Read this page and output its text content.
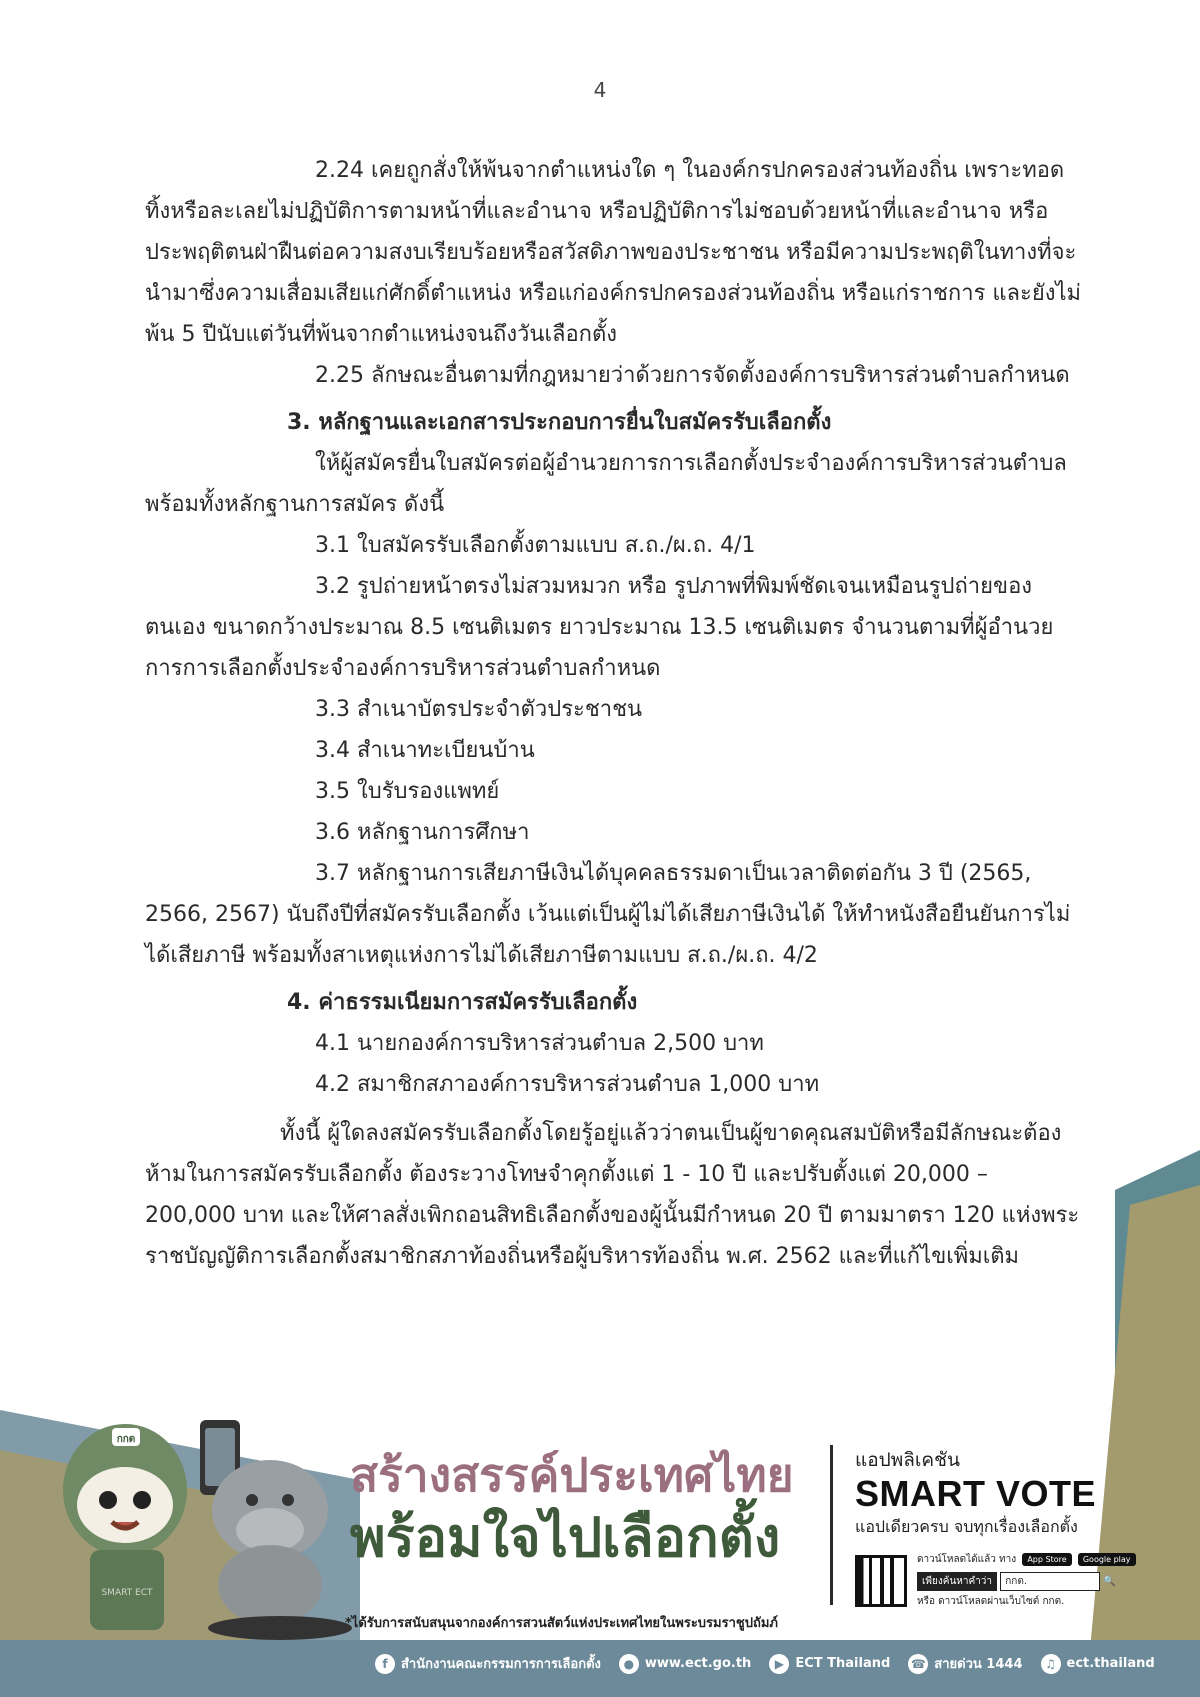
4

2.24 เคยถูกสั่งให้พ้นจากตำแหน่งใด ๆ ในองค์กรปกครองส่วนท้องถิ่น เพราะทอดทิ้งหรือละเลยไม่ปฏิบัติการตามหน้าที่และอำนาจ หรือปฏิบัติการไม่ชอบด้วยหน้าที่และอำนาจ หรือประพฤติตนฝ่าฝืนต่อความสงบเรียบร้อยหรือสวัสดิภาพของประชาชน หรือมีความประพฤติในทางที่จะนำมาซึ่งความเสื่อมเสียแก่ศักดิ์ตำแหน่ง หรือแก่องค์กรปกครองส่วนท้องถิ่น หรือแก่ราชการ และยังไม่พ้น 5 ปีนับแต่วันที่พ้นจากตำแหน่งจนถึงวันเลือกตั้ง

2.25 ลักษณะอื่นตามที่กฎหมายว่าด้วยการจัดตั้งองค์การบริหารส่วนตำบลกำหนด

3. หลักฐานและเอกสารประกอบการยื่นใบสมัครรับเลือกตั้ง

ให้ผู้สมัครยื่นใบสมัครต่อผู้อำนวยการการเลือกตั้งประจำองค์การบริหารส่วนตำบล พร้อมทั้งหลักฐานการสมัคร ดังนี้

3.1 ใบสมัครรับเลือกตั้งตามแบบ ส.ถ./ผ.ถ. 4/1

3.2 รูปถ่ายหน้าตรงไม่สวมหมวก หรือ รูปภาพที่พิมพ์ชัดเจนเหมือนรูปถ่ายของตนเอง ขนาดกว้างประมาณ 8.5 เซนติเมตร ยาวประมาณ 13.5 เซนติเมตร จำนวนตามที่ผู้อำนวยการการเลือกตั้งประจำองค์การบริหารส่วนตำบลกำหนด

3.3 สำเนาบัตรประจำตัวประชาชน

3.4 สำเนาทะเบียนบ้าน

3.5 ใบรับรองแพทย์

3.6 หลักฐานการศึกษา

3.7 หลักฐานการเสียภาษีเงินได้บุคคลธรรมดาเป็นเวลาติดต่อกัน 3 ปี (2565, 2566, 2567) นับถึงปีที่สมัครรับเลือกตั้ง เว้นแต่เป็นผู้ไม่ได้เสียภาษีเงินได้ ให้ทำหนังสือยืนยันการไม่ได้เสียภาษี พร้อมทั้งสาเหตุแห่งการไม่ได้เสียภาษีตามแบบ ส.ถ./ผ.ถ. 4/2

4. ค่าธรรมเนียมการสมัครรับเลือกตั้ง

4.1 นายกองค์การบริหารส่วนตำบล 2,500 บาท

4.2 สมาชิกสภาองค์การบริหารส่วนตำบล 1,000 บาท

ทั้งนี้ ผู้ใดลงสมัครรับเลือกตั้งโดยรู้อยู่แล้วว่าตนเป็นผู้ขาดคุณสมบัติหรือมีลักษณะต้องห้ามในการสมัครรับเลือกตั้ง ต้องระวางโทษจำคุกตั้งแต่ 1 - 10 ปี และปรับตั้งแต่ 20,000 – 200,000 บาท และให้ศาลสั่งเพิกถอนสิทธิเลือกตั้งของผู้นั้นมีกำหนด 20 ปี ตามมาตรา 120 แห่งพระราชบัญญัติการเลือกตั้งสมาชิกสภาท้องถิ่นหรือผู้บริหารท้องถิ่น พ.ศ. 2562 และที่แก้ไขเพิ่มเติม

กกต
SMART ECT
สร้างสรรค์ประเทศไทย
พร้อมใจไปเลือกตั้ง
แอปพลิเคชัน
SMART VOTE
แอปเดียวครบ จบทุกเรื่องเลือกตั้ง
ดาวน์โหลดได้แล้ว ทาง App Store Google play
เพียงค้นหาคำว่า กกต.	🔍
หรือ ดาวน์โหลดผ่านเว็บไซต์ กกต.
*ได้รับการสนับสนุนจากองค์การสวนสัตว์แห่งประเทศไทยในพระบรมราชูปถัมภ์
f	สำนักงานคณะกรรมการการเลือกตั้ง	● www.ect.go.th	▶ ECT Thailand ☎ สายด่วน 1444	♫ ect.thailand
